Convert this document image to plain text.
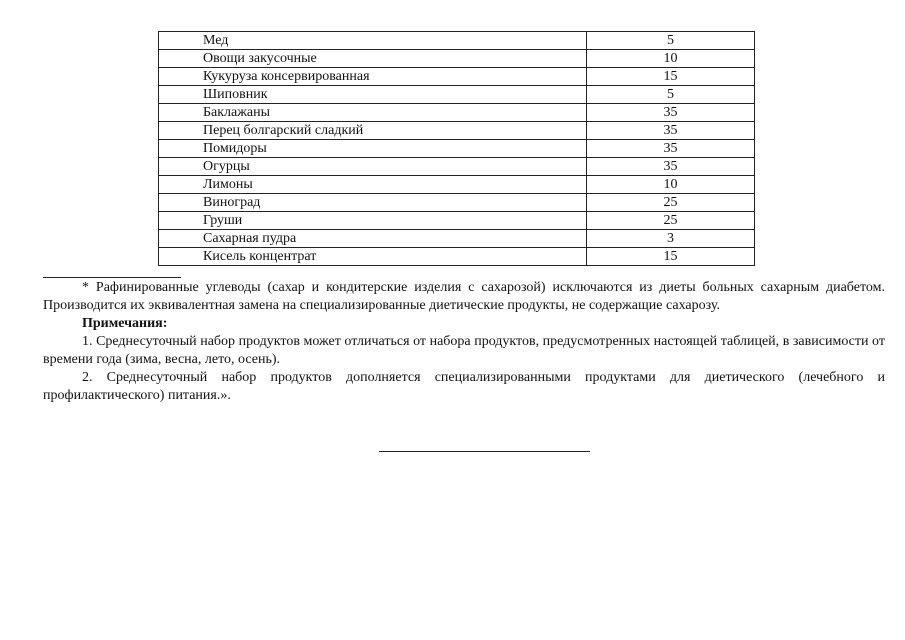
Мед	5
Овощи закусочные	10
Кукуруза консервированная	15
Шиповник	5
Баклажаны	35
Перец болгарский сладкий	35
Помидоры	35
Огурцы	35
Лимоны	10
Виноград	25
Груши	25
Сахарная пудра	3
Кисель концентрат	15

* Рафинированные углеводы (сахар и кондитерские изделия с сахарозой) исключаются из диеты больных сахарным диабетом. Производится их эквивалентная замена на специализированные диетические продукты, не содержащие сахарозу.

Примечания:

1. Среднесуточный набор продуктов может отличаться от набора продуктов, предусмотренных настоящей таблицей, в зависимости от времени года (зима, весна, лето, осень).

2. Среднесуточный набор продуктов дополняется специализированными продуктами для диетического (лечебного и профилактического) питания.».
